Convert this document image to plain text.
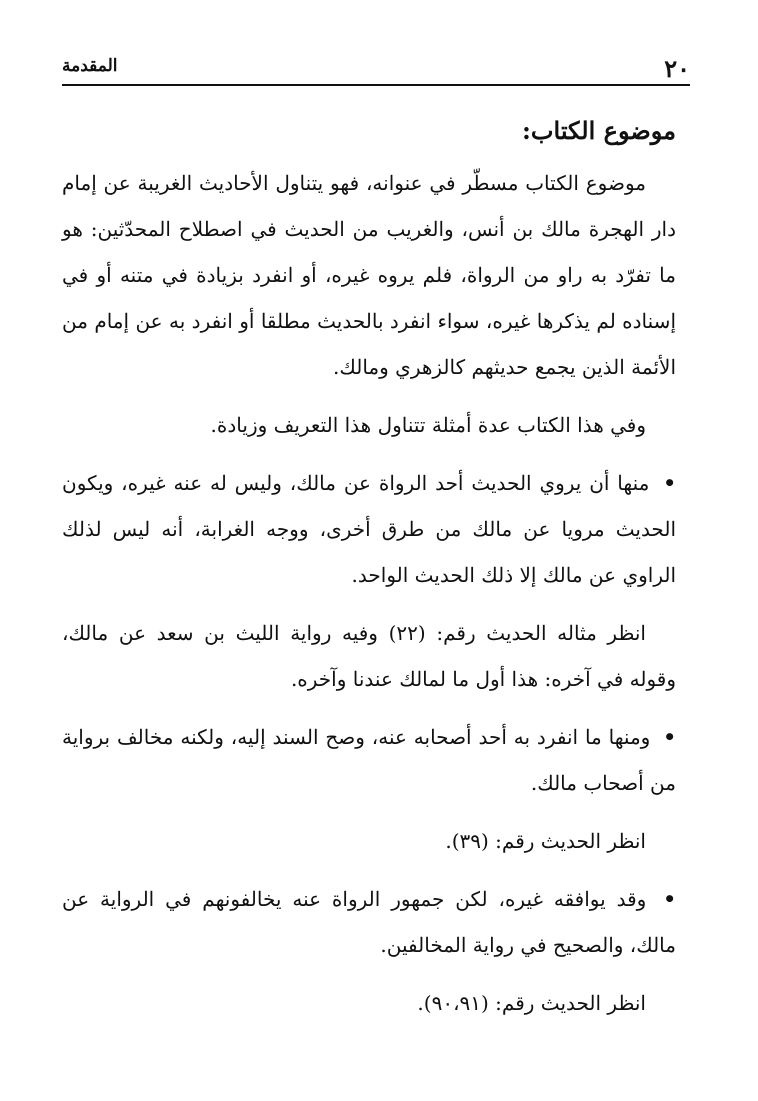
٢٠
المقدمة
موضوع الكتاب:

موضوع الكتاب مسطّر في عنوانه، فهو يتناول الأحاديث الغريبة عن إمام دار الهجرة مالك بن أنس، والغريب من الحديث في اصطلاح المحدّثين: هو ما تفرّد به راو من الرواة، فلم يروه غيره، أو انفرد بزيادة في متنه أو في إسناده لم يذكرها غيره، سواء انفرد بالحديث مطلقا أو انفرد به عن إمام من الأئمة الذين يجمع حديثهم كالزهري ومالك.

وفي هذا الكتاب عدة أمثلة تتناول هذا التعريف وزيادة.

• منها أن يروي الحديث أحد الرواة عن مالك، وليس له عنه غيره، ويكون الحديث مرويا عن مالك من طرق أخرى، ووجه الغرابة، أنه ليس لذلك الراوي عن مالك إلا ذلك الحديث الواحد.

انظر مثاله الحديث رقم: (٢٢) وفيه رواية الليث بن سعد عن مالك، وقوله في آخره: هذا أول ما لمالك عندنا وآخره.

• ومنها ما انفرد به أحد أصحابه عنه، وصح السند إليه، ولكنه مخالف برواية من أصحاب مالك.

انظر الحديث رقم: (٣٩).

• وقد يوافقه غيره، لكن جمهور الرواة عنه يخالفونهم في الرواية عن مالك، والصحيح في رواية المخالفين.

انظر الحديث رقم: (٩٠،٩١).
